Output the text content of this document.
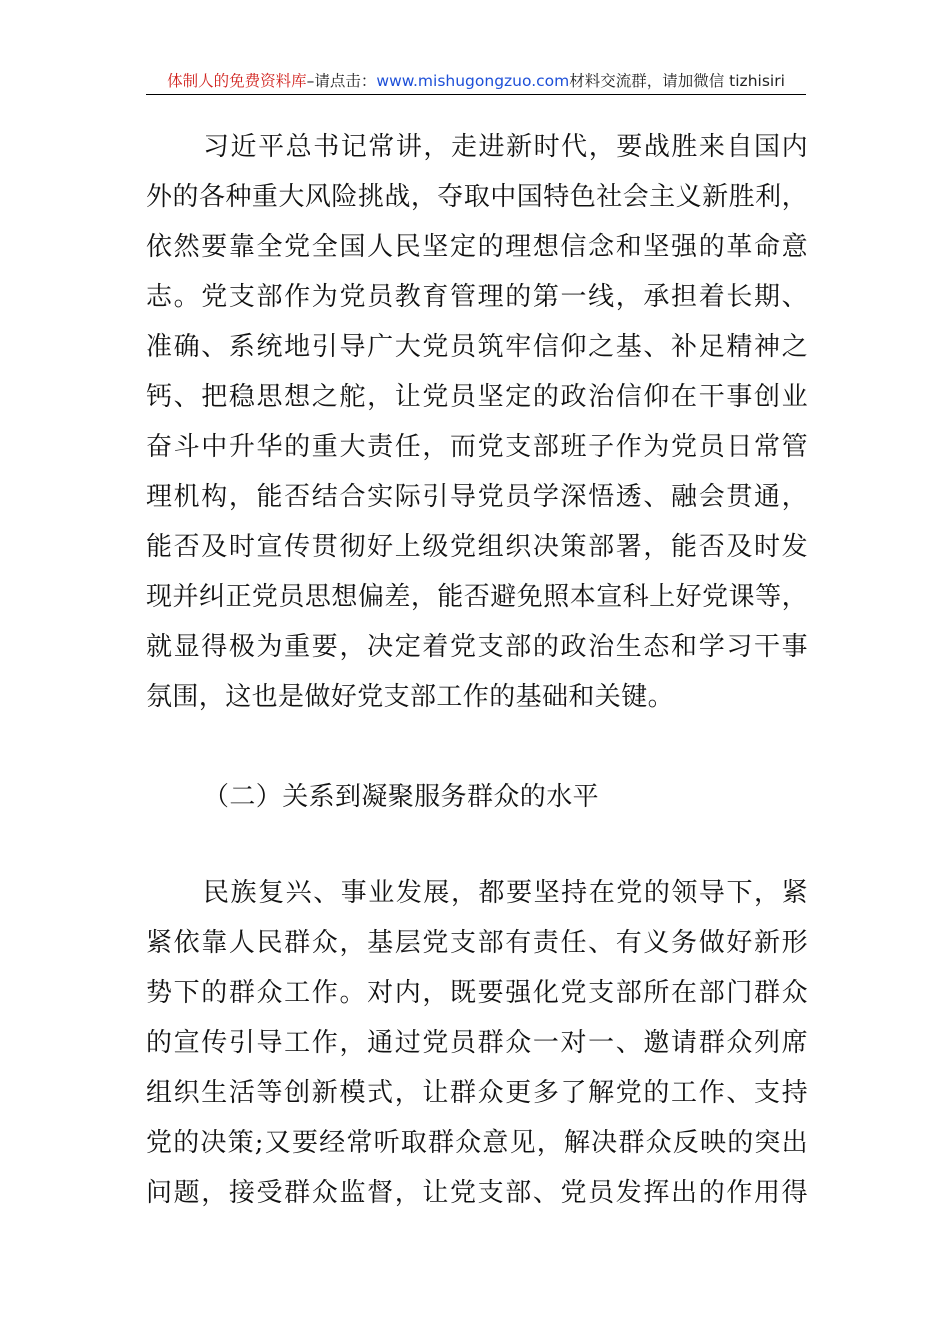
体制人的免费资料库–请点击：www.mishugongzuo.com材料交流群，请加微信 tizhisiri
习近平总书记常讲，走进新时代，要战胜来自国内
外的各种重大风险挑战，夺取中国特色社会主义新胜利，
依然要靠全党全国人民坚定的理想信念和坚强的革命意
志。党支部作为党员教育管理的第一线，承担着长期、
准确、系统地引导广大党员筑牢信仰之基、补足精神之
钙、把稳思想之舵，让党员坚定的政治信仰在干事创业
奋斗中升华的重大责任，而党支部班子作为党员日常管
理机构，能否结合实际引导党员学深悟透、融会贯通，
能否及时宣传贯彻好上级党组织决策部署，能否及时发
现并纠正党员思想偏差，能否避免照本宣科上好党课等，
就显得极为重要，决定着党支部的政治生态和学习干事
氛围，这也是做好党支部工作的基础和关键。
（二）关系到凝聚服务群众的水平
民族复兴、事业发展，都要坚持在党的领导下，紧
紧依靠人民群众，基层党支部有责任、有义务做好新形
势下的群众工作。对内，既要强化党支部所在部门群众
的宣传引导工作，通过党员群众一对一、邀请群众列席
组织生活等创新模式，让群众更多了解党的工作、支持
党的决策;又要经常听取群众意见，解决群众反映的突出
问题，接受群众监督，让党支部、党员发挥出的作用得
